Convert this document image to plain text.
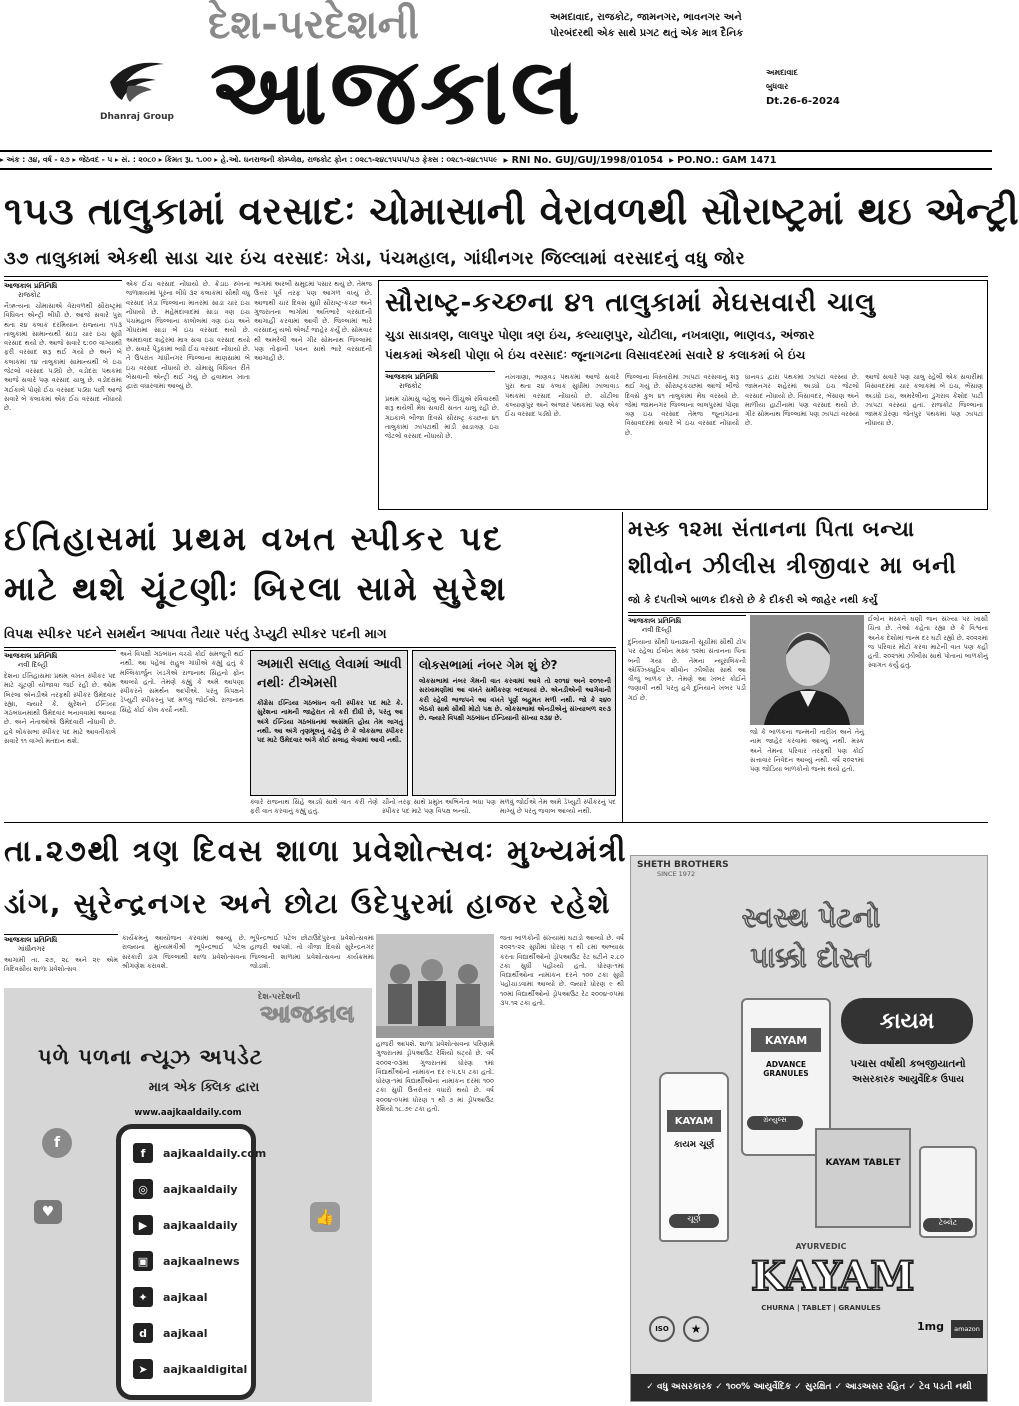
દેશ-પરદેશની
આજકાલ
Dhanraj Group
અમદાવાદ, રાજકોટ, જામનગર, ભાવનગર અને
પોરબંદરથી એક સાથે પ્રગટ થતું એક માત્ર દૈનિક
અમદાવાદ
બુધવાર
Dt.26-6-2024
▸ અંક : ૩૪, વર્ષ - ૨૭ ▸ જેઠવદ - ૫ ▸ સં. : ૨૦૮૦ ▸ કિંમત રૂા. ૧.૦૦ ▸ હે.ઓ. ધનરાજની કોમ્પ્લેક્ષ, રાજકોટ ફોન : ૦૨૮૧-૨૪૮૧૫૫૫/૫૭ ફેક્સ : ૦૨૮૧-૨૪૮૧૫૫૯ ▸ RNI No. GUJ/GUJ/1998/01054 ▸ PO.NO.: GAM 1471
૧૫૩ તાલુકામાં વરસાદઃ ચોમાસાની વેરાવળથી સૌરાષ્ટ્રમાં થઇ એન્ટ્રી
૩૭ તાલુકામાં એકથી સાડા ચાર ઇંચ વરસાદઃ ખેડા, પંચમહાલ, ગાંધીનગર જિલ્લામાં વરસાદનું વધુ જોર
આજકાલ પ્રતિનિધિ
રાજકોટ
નૈઋત્યના ચોમાસાએ વેરાવળથી સૌરાષ્ટ્રમાં વિધિવત એન્ટ્રી લીધી છે. આજે સવારે પુરા થતા ૨૪ કલાક દરમિયાન રાજ્યના ૧૫૩ તાલુકામાં સામાન્યથી સાડા ચાર ઇંચ સુધી વરસાદ થયો છે. આજે સવારે ૬:૦૦ વાગ્યાથી ફરી વરસાદ શરૂ થઈ ગયો છે અને બે કલાકમાં ૧૪ તાલુકામાં સામાન્યથી બે ઇંચ જેટલો વરસાદ પડ્યો છે. વડોદરા પંથકમાં આજે સવારે પણ વરસાદ ચાલુ છે. વડોદરામાં ગઈકાલે પોણો ઈંચ વરસાદ પડ્યા પછી આજે સવારે બે કલાકમાં એક ઈંચ વરસાદ નોંધાયો છે.
એક ઈંચ વરસાદ નોંધાયો છે. ક્રેડાઇ રુખના જળાશયમાં પૂરના લીધે ૩૨ કલાકમાં સૌથી વધુ વરસાદ ખેડા જિલ્લાના માતરમાં સાડા ચાર ઇંચ નોંધાયો છે. મહેમદાવાદમાં સાડા ત્રણ ઇંચ પંચમહાલ જિલ્લાના કાલોલમાં ત્રણ ઇંચ અને ગોધરામાં સાડા બે ઇંચ વરસાદ થયો છે. અમદાવાદ શહેરમાં માત્ર સવા ઇંચ વરસાદ થયો છે. સવારે પેંડુકામાં બધી ઈંચ વરસાદ નોંધાયો છે. તે ઉપરાંત ગાંધીનગર જિલ્લાના માણસામાં બે ઇંચ વરસાદ નોંધાયો છે. ચોમાસુ વિધિવત રીતે બેસવાની એન્ટ્રી થઈ ગયું છે હવામાન ખાતા દ્વારા વધારવામાં આવ્યું છે.
ભાગમાં અરબી સમુદ્રમાં પસાર થયું છે. તેમજ ઉત્તર પૂર્વ તરફ પણ આગળ વધ્યું છે. આજથી ચાર દિવસ સુધી સૌરાષ્ટ્ર-કચ્છ અને ગુજરાતના ભાગોમાં અતિભારે વરસાદની આગાહી કરવામાં આવી છે. જિલ્લામાં ભારે વરસાદનું યલો એલર્ટ જાહેર કર્યું છે. સોમવાર થી અમરેલી અને ગીર સોમનાથ જિલ્લામાં પણ તોફાની પવન સાથે ભારે વરસાદની આગાહી છે.
સૌરાષ્ટ્ર-કચ્છના ૪૧ તાલુકામાં મેઘસવારી ચાલુ
ચુડા સાડાત્રણ, લાલપુર પોણા ત્રણ ઇંચ, કલ્યાણપુર, ચોટીલા, નખત્રાણા, ભાણવડ, અંજાર
પંથકમાં એકથી પોણા બે ઇંચ વરસાદઃ જૂનાગઢના વિસાવદરમાં સવારે ૪ કલાકમાં બે ઇંચ
આજકાલ પ્રતિનિધિ
રાજકોટ
પ્રથમ ચોમાસું વહેલું અને ઊંચુંએ રવિવારથી શરૂ થયેલી મેઘ સવારી સતત ચાલુ રહી છે. ગઇકાલે બીજા દિવસે સૌરાષ્ટ્ર કચ્છના ૪૧ તાલુકામાં ઝાપટાથી માંડી સાડાત્રણ ઇંચ જેટલો વરસાદ નોંધાયો છે.
નખત્રાણા, ભાણવડ પંથકમાં આજે સવારે પુરા થતા ૨૪ કલાક સુધીમાં ઝાલાવાડ પંથકમાં વરસાદ નોંધાયો છે. ચોટીલા કલ્યાણપુર અને અંજાર પંથકમાં પણ એક ઈંચ વરસાદ પડ્યો છે.
જિલ્લાના વિસ્તારોમાં ઝાપટાં વરસવાનું શરૂ થઈ ગયું છે. સૌરાષ્ટ્રકચ્છમાં આજે બીજે દિવસે કુલ ૪૧ તાલુકામાં મેઘ વરસ્યો છે. જેમાં જામનગર જિલ્લાના લાલપુરમાં પોણા ત્રણ ઇંચ વરસાદ તેમજ જૂનાગઢના વિસાવદરમાં સવારે બે ઇંચ વરસાદ નોંધાયો છે.
ધાનવડ દ્વારા પંથકમાં ઝાપટાં વરસ્યાં છે. જામનગર શહેરમાં અડધો ઇંચ જેટલો વરસાદ નોંધાયો છે. વિસાવદર, ભેંસાણ અને માળીયા હાટીનામાં પણ વરસાદ થયો છે. ગીર સોમનાથ જિલ્લામાં પણ ઝાપટાં વરસ્યાં છે.
આજે સવારે પણ ચાલુ રહેલી એક સવારીમાં વિસાવદરમાં ચાર કલાકમાં બે ઇંચ, ભેંસાણ અડધો ઇંચ, અમરેલીના ડુંગરાવ કેશોદ પાટી ઝાપટાં વરસ્યાં હતાં. રાજકોટ જિલ્લાના જામકંડોરણા જેતપુર પંથકમાં પણ ઝાપટાં નોંધાયા છે.
ઈતિહાસમાં પ્રથમ વખત સ્પીકર પદ
માટે થશે ચૂંટણીઃ બિરલા સામે સુરેશ
વિપક્ષ સ્પીકર પદને સમર્થન આપવા તૈયાર પરંતુ ડેપ્યુટી સ્પીકર પદની માગ
આજકાલ પ્રતિનિધિ
નવી દિલ્હી
દેશના ઈતિહાસમાં પ્રથમ વખત સ્પીકર પદ માટે ચૂંટણી યોજાવા જઈ રહી છે. ઓમ બિરલા એનડીએ તરફથી સ્પીકર ઉમેદવાર રહ્યા, જ્યારે કે. સુરેશને ઈન્ડિયા ગઠબંધનમાંથી ઉમેદવાર બનાવવામાં આવ્યા છે. અને નેતાઓએ ઉમેદવારી નોંધાવી છે. હવે લોકસભા સ્પીકર પદ માટે આવતીકાલે સવારે ૧૧ વાગ્યે મતદાન થશે.
અને વિપક્ષી ગઠબંધન વચ્ચે કોઈ સમજૂતી થઈ નથી. આ પહેલાં રાહુલ ગાંધીએ કહ્યું હતું કે મલ્લિકાર્જુન ખડગેએ રાજનાથ સિંહનો ફોન આવ્યો હતો. તેમણે કહ્યું કે અમે આપણા સ્પીકરને સમર્થન આપીએ. પરંતુ વિપક્ષને ડેપ્યુટી સ્પીકરનું પદ મળવું જોઈએ. રાજનાથ સિંહે કોઈ કોલ કર્યો નથી.
અમારી સલાહ લેવામાં આવી નથીઃ ટીએમસી
કોંગ્રેસ ઈન્ડિયા ગઠબંધન વતી સ્પીકર પદ માટે કે. સુરેશના નામની જાહેરાત તો કરી દીધી છે, પરંતુ આ અંગે ઈન્ડિયા ગઠબંધનમાં અસંમતિ હોય તેમ લાગતું નથી. આ અંગે તૃણમૂલનું કહેવું છે કે લોકસભા સ્પીકર પદ માટે ઉમેદવાર અંગે કોઈ સલાહ લેવામાં આવી નથી.
લોકસભામાં નંબર ગેમ શું છે?
લોકસભામાં નંબર ગેમની વાત કરવામાં આવે તો ૨૦૧૪ અને ૨૦૧૯ની સરખામણીમાં આ વખતે સમીકરણ બદલાયાં છે. એનડીએની આગેવાની કરી રહેલી ભાજપને આ વખતે પૂર્ણ બહુમત મળી નથી. જો કે ૨૪૦ બેઠકો સાથે સૌથી મોટો પક્ષ છે. લોકસભામાં એનડીએનું સંખ્યાબળ ૨૯૩ છે. જ્યારે વિપક્ષી ગઠબંધન ઈન્ડિયાની સંખ્યા ૨૩૪ છે.
ક્વારે રાજનાથ સિંહે અડધે સાથે વાત કરી તેણે ફરી વાત કરવાનું કહ્યું હતું.
ચીનો તરફ સાથે પ્રમુખ અભિનેતા બધા પણ સ્પીકર પદ માટે પણ વિપક્ષ બન્યો.
મળવું જોઈએ તેમ અમે ડેપ્યુટી સ્પીકરનું પદ માગ્યું છે પરંતુ જવાબ આવ્યો નથી.
મસ્ક ૧૨મા સંતાનના પિતા બન્યા
શીવોન ઝીલીસ ત્રીજીવાર મા બની
જો કે દંપતીએ બાળક દીકરો છે કે દીકરી એ જાહેર નથી કર્યું
આજકાલ પ્રતિનિધિ
નવી દિલ્હી
દુનિયાના સૌથી ધનાઢ્યની સૂચીમાં સૌથી ટોપ પર રહેલા ઈલોન મસ્ક ૧૨મા સંતાનના પિતા બની ગયા છે. તેમના ન્યૂરાલિંકની એક્ઝિક્યુટિવ શીવોન ઝીલીસ સાથે આ ત્રીજું બાળક છે. તેમણે આ ખબર કોઈને જણાવી નથી પરંતુ હવે દુનિયાને ખબર પડી ગઈ છે.
જો કે બાળકના જન્મની તારીખ અને તેનું નામ જાહેર કરવામાં આવ્યું નથી. મસ્ક અને તેમના પરિવાર તરફથી પણ કોઈ સત્તાવાર નિવેદન આવ્યું નથી. વર્ષ ૨૦૨૧માં પણ જોડિયા બાળકોનો જન્મ થયો હતો.
ઈલોન મસ્કને ઘણી જન સંખ્યા પર ખાસી ચિંતા છે. તેઓ કહેતા રહ્યા છે કે વિશ્વના અનેક દેશોમાં જન્મ દર ઘટી રહ્યો છે. ૨૦૨૨માં જ પરિવાર મોટો કરવા માટેની વાત પણ કહી હતી. ૨૦૨૧માં ઝીલીસ સાથે પોતાનાં બાળકોનું સ્વાગત કર્યું હતું.
તા.૨૭થી ત્રણ દિવસ શાળા પ્રવેશોત્સવઃ મુખ્યમંત્રી
ડાંગ, સુરેન્દ્રનગર અને છોટા ઉદેપુરમાં હાજર રહેશે
આજકાલ પ્રતિનિધિ
ગાંધીનગર
આગામી તા. ૨૭, ૨૮ અને ૨૯ એમ ત્રિદિવસીય શાળા પ્રવેશોત્સવ
કાર્યક્રમનું આયોજન કરવામાં આવ્યું છે. રાજ્યના મુખ્યમંત્રીશ્રી ભૂપેન્દ્રભાઈ પટેલ સરકારી ડાંગ જિલ્લાથી શાળા પ્રવેશોત્સવના શ્રીગણેશ કરાવશે.
ભૂપેન્દ્રભાઈ પટેલ છોટાઉદેપુરના પ્રવેશોત્સવમાં હાજરી આપશે. તો ત્રીજા દિવસે સુરેન્દ્રનગર જિલ્લાની શાળામાં પ્રવેશોત્સવના કાર્યક્રમમાં જોડાશે.
દેશ-પરદેશની
આજકાલ
પળે પળના ન્યૂઝ અપડેટ
માત્ર એક ક્લિક દ્વારા
www.aajkaaldaily.com
f	aajkaaldaily.com
◎	aajkaaldaily
▶	aajkaaldaily
▣	aajkaalnews
✦	aajkaal
d	aajkaal
➤	aajkaaldigital
f
♥	👍
હાજરી આપશે. શાળા પ્રવેશોત્સવના પરિણામે ગુજરાતમાં ડ્રોપઆઉટ રેશિયો ઘટ્યો છે. વર્ષ ૨૦૦૨-૦૩માં ગુજરાતમાં ધોરણ ૧માં વિદ્યાર્થીઓનો નામાંકન દર ૯૫.૬૫ ટકા હતો. ધોરણ-૧માં વિદ્યાર્થીઓના નામાંકન દરમાં ૧૦૦ ટકા સુધી ઉત્તરોત્તર વધારો થયો છે. વર્ષ ૨૦૦૪-૦૫માં ધોરણ ૧ થી ૭ માં ડ્રોપઆઉટ રેશિયો ૧૮.૭૯ ટકા હતો.
જતા બાળકોની સંખ્યામાં ઘટાડો આવ્યો છે. વર્ષ ૨૦૨૧-૨૨ સુધીમાં ધોરણ ૧ થી ૮માં અભ્યાસ કરતા વિદ્યાર્થીઓનો ડ્રોપઆઉટ રેટ ઘટીને ૨.૮૦ ટકા સુધી પહોંચ્યો હતો. ધોરણ-૧માં વિદ્યાર્થીઓના નામાંકન દરને ૧૦૦ ટકા સુધી પહોંચાડવામાં આવ્યો છે. જ્યારે ધોરણ ૯ થી ૧૦માં વિદ્યાર્થીઓનો ડ્રોપઆઉટ રેટ ૨૦૦૪-૦૫માં ૩૫.૧૨ ટકા હતો.
SHETH BROTHERS
SINCE 1972
સ્વસ્થ પેટનો
પાક્કો દોસ્ત
કાયમ
પચાસ વર્ષોથી કબજીયાતનો
અસરકારક આયુર્વેદિક ઉપાય
KAYAM
કાયમ ચૂર્ણ
ચૂર્ણ
KAYAM
ADVANCE GRANULES
ગ્રેન્યુલ્સ
KAYAM TABLET
ટેબ્લેટ
AYURVEDIC
KAYAM
CHURNA | TABLET | GRANULES
ISO	★	1mg	amazon
✓ વધુ અસરકારક ✓ ૧૦૦% આયુર્વેદિક ✓ સુરક્ષિત ✓ આડઅસર રહિત ✓ ટેવ પડતી નથી
